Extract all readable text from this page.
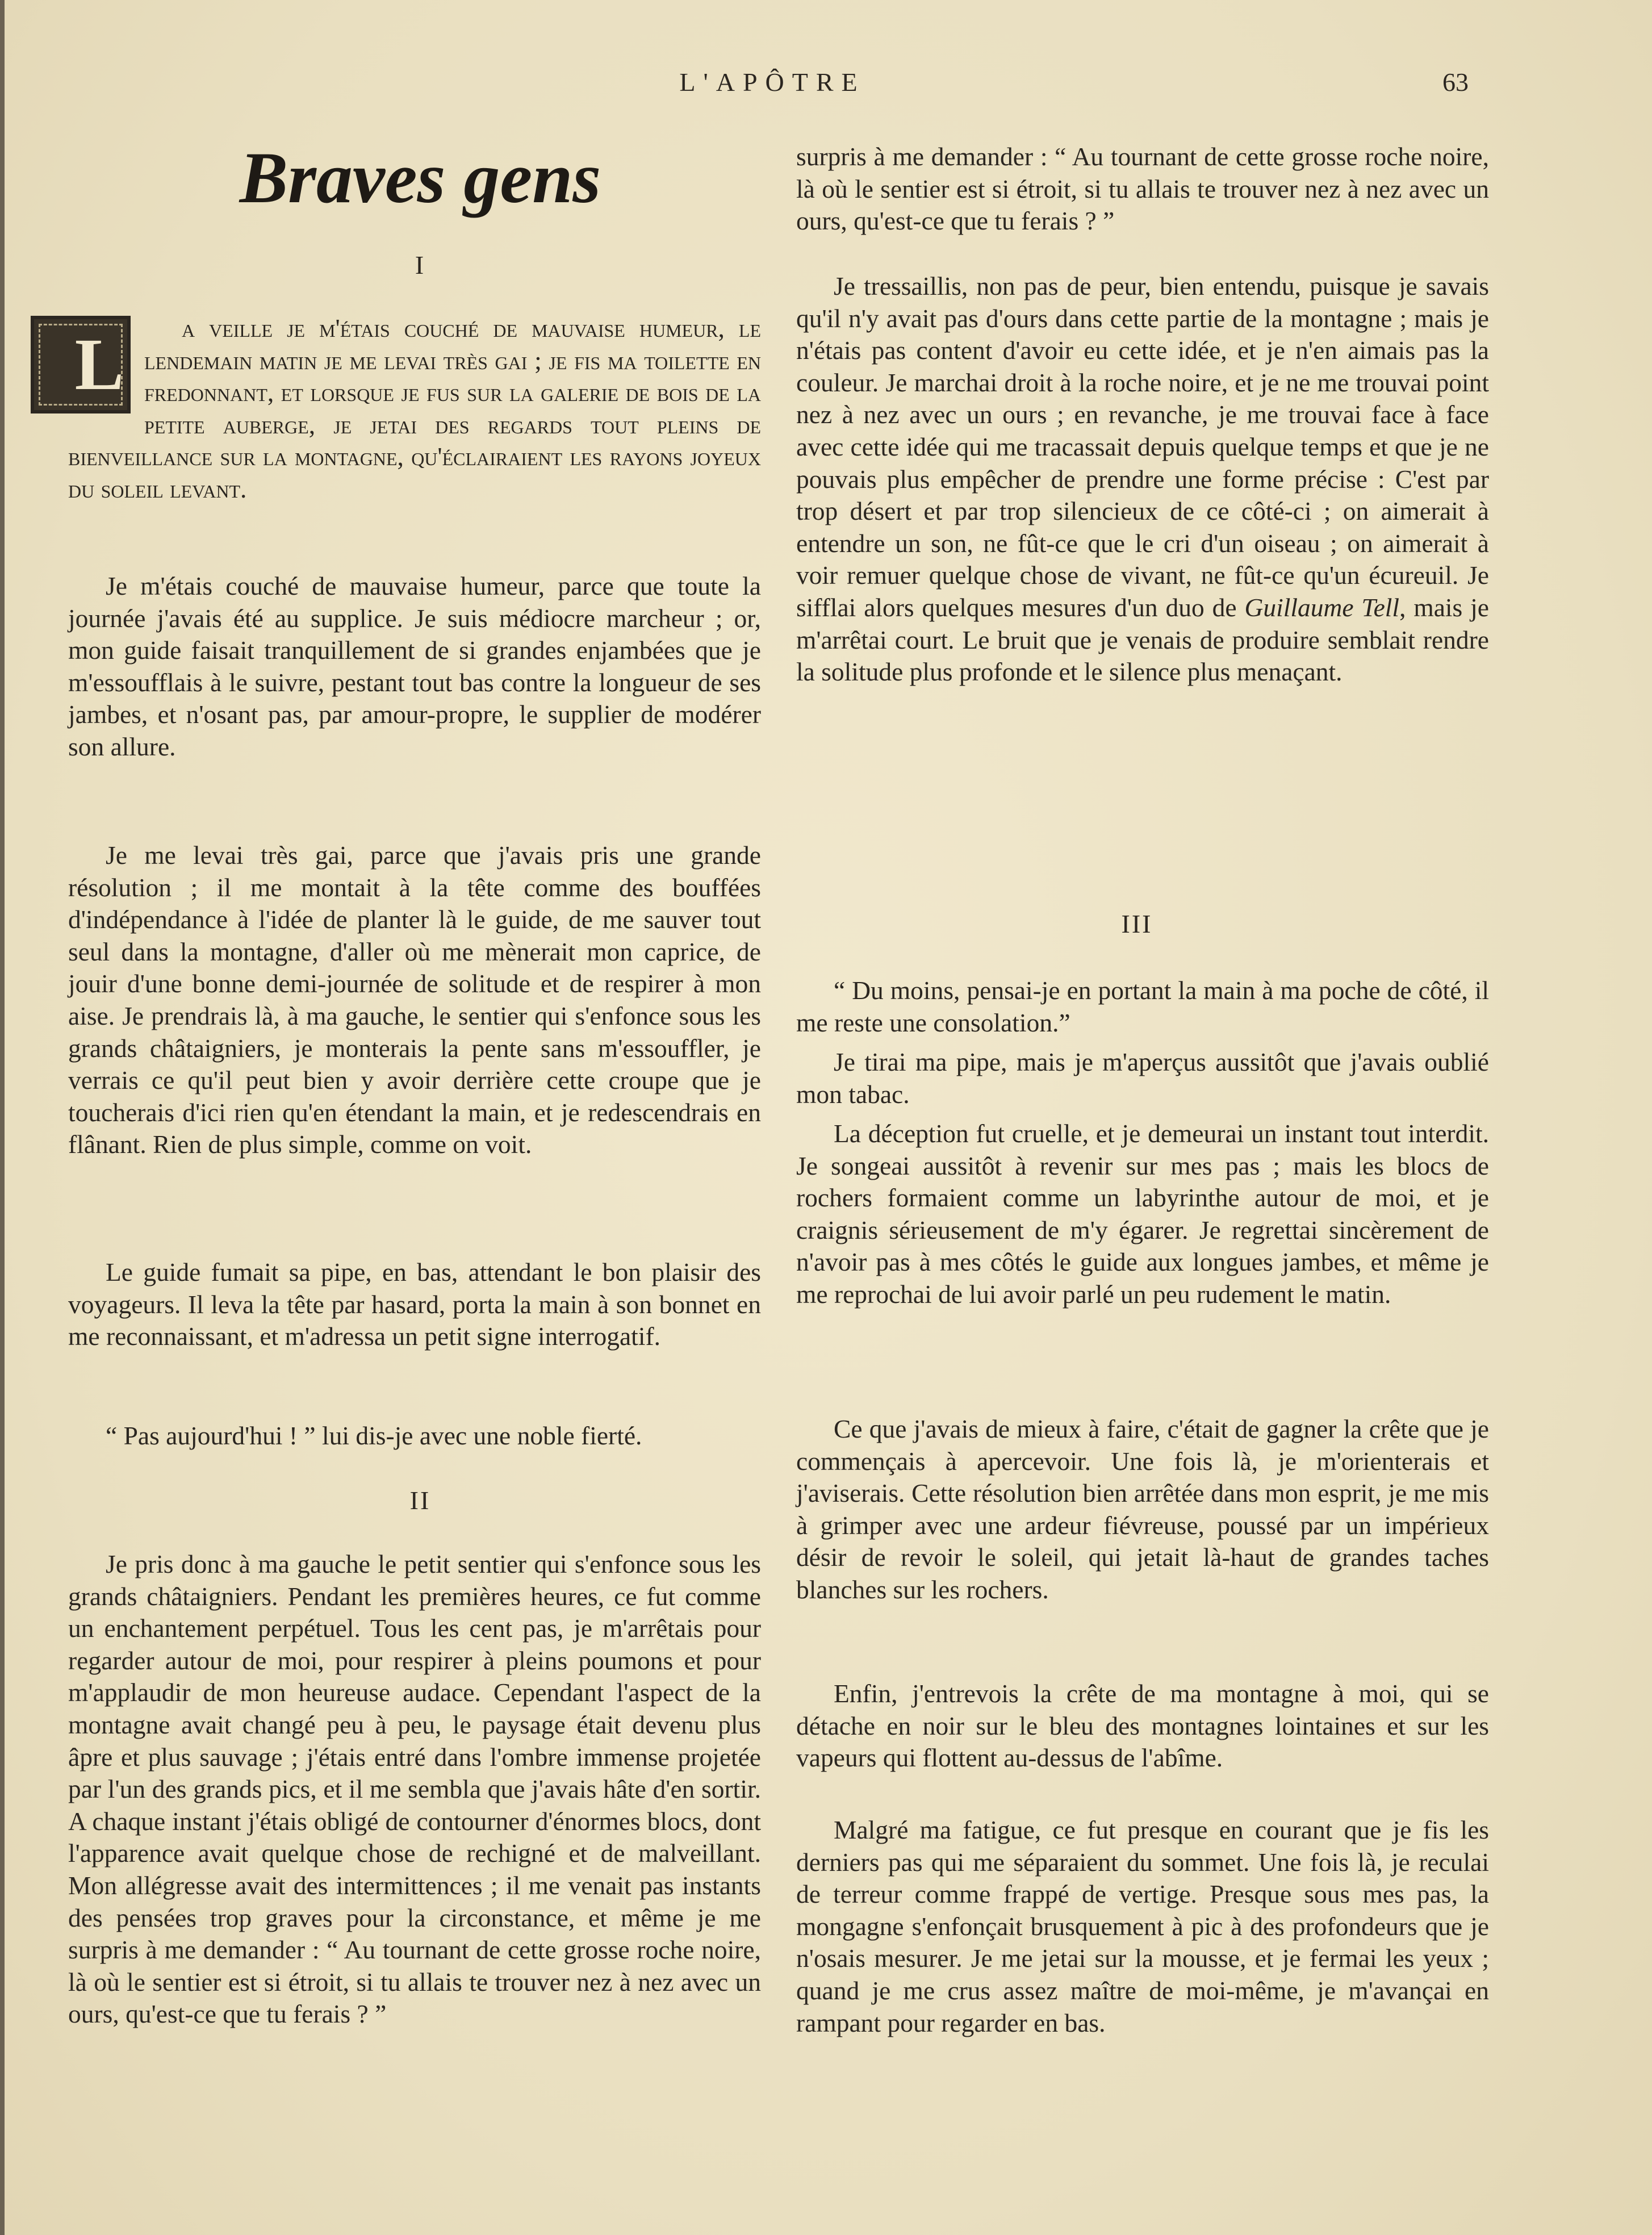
L'APÔTRE	63
Braves gens
I

L a veille je m'étais couché de mauvaise humeur, le lendemain matin je me levai très gai ; je fis ma toilette en fredonnant, et lorsque je fus sur la galerie de bois de la petite auberge, je jetai des regards tout pleins de bienveillance sur la montagne, qu'éclairaient les rayons joyeux du soleil levant.

Je m'étais couché de mauvaise humeur, parce que toute la journée j'avais été au supplice. Je suis médiocre marcheur ; or, mon guide faisait tranquillement de si grandes enjambées que je m'essoufflais à le suivre, pestant tout bas contre la longueur de ses jambes, et n'osant pas, par amour-propre, le supplier de modérer son allure.

Je me levai très gai, parce que j'avais pris une grande résolution ; il me montait à la tête comme des bouffées d'indépendance à l'idée de planter là le guide, de me sauver tout seul dans la montagne, d'aller où me mènerait mon caprice, de jouir d'une bonne demi-journée de solitude et de respirer à mon aise. Je prendrais là, à ma gauche, le sentier qui s'enfonce sous les grands châtaigniers, je monterais la pente sans m'essouffler, je verrais ce qu'il peut bien y avoir derrière cette croupe que je toucherais d'ici rien qu'en étendant la main, et je redescendrais en flânant. Rien de plus simple, comme on voit.

Le guide fumait sa pipe, en bas, attendant le bon plaisir des voyageurs. Il leva la tête par hasard, porta la main à son bonnet en me reconnaissant, et m'adressa un petit signe interrogatif.

“ Pas aujourd'hui ! ” lui dis-je avec une noble fierté.

II

Je pris donc à ma gauche le petit sentier qui s'enfonce sous les grands châtaigniers. Pendant les premières heures, ce fut comme un enchantement perpétuel. Tous les cent pas, je m'arrêtais pour regarder autour de moi, pour respirer à pleins poumons et pour m'applaudir de mon heureuse audace. Cependant l'aspect de la montagne avait changé peu à peu, le paysage était devenu plus âpre et plus sauvage ; j'étais entré dans l'ombre immense projetée par l'un des grands pics, et il me sembla que j'avais hâte d'en sortir. A chaque instant j'étais obligé de contourner d'énormes blocs, dont l'apparence avait quelque chose de rechigné et de malveillant. Mon allégresse avait des intermittences ; il me venait pas instants des pensées trop graves pour la circonstance, et même je me surpris à me demander : “ Au tournant de cette grosse roche noire, là où le sentier est si étroit, si tu allais te trouver nez à nez avec un ours, qu'est-ce que tu ferais ? ”

surpris à me demander : “ Au tournant de cette grosse roche noire, là où le sentier est si étroit, si tu allais te trouver nez à nez avec un ours, qu'est-ce que tu ferais ? ”

Je tressaillis, non pas de peur, bien entendu, puisque je savais qu'il n'y avait pas d'ours dans cette partie de la montagne ; mais je n'étais pas content d'avoir eu cette idée, et je n'en aimais pas la couleur. Je marchai droit à la roche noire, et je ne me trouvai point nez à nez avec un ours ; en revanche, je me trouvai face à face avec cette idée qui me tracassait depuis quelque temps et que je ne pouvais plus empêcher de prendre une forme précise : C'est par trop désert et par trop silencieux de ce côté-ci ; on aimerait à entendre un son, ne fût-ce que le cri d'un oiseau ; on aimerait à voir remuer quelque chose de vivant, ne fût-ce qu'un écureuil. Je sifflai alors quelques mesures d'un duo de Guillaume Tell, mais je m'arrêtai court. Le bruit que je venais de produire semblait rendre la solitude plus profonde et le silence plus menaçant.

III

“ Du moins, pensai-je en portant la main à ma poche de côté, il me reste une consolation.”

Je tirai ma pipe, mais je m'aperçus aussitôt que j'avais oublié mon tabac.

La déception fut cruelle, et je demeurai un instant tout interdit. Je songeai aussitôt à revenir sur mes pas ; mais les blocs de rochers formaient comme un labyrinthe autour de moi, et je craignis sérieusement de m'y égarer. Je regrettai sincèrement de n'avoir pas à mes côtés le guide aux longues jambes, et même je me reprochai de lui avoir parlé un peu rudement le matin.

Ce que j'avais de mieux à faire, c'était de gagner la crête que je commençais à apercevoir. Une fois là, je m'orienterais et j'aviserais. Cette résolution bien arrêtée dans mon esprit, je me mis à grimper avec une ardeur fiévreuse, poussé par un impérieux désir de revoir le soleil, qui jetait là-haut de grandes taches blanches sur les rochers.

Enfin, j'entrevois la crête de ma montagne à moi, qui se détache en noir sur le bleu des montagnes lointaines et sur les vapeurs qui flottent au-dessus de l'abîme.

Malgré ma fatigue, ce fut presque en courant que je fis les derniers pas qui me séparaient du sommet. Une fois là, je reculai de terreur comme frappé de vertige. Presque sous mes pas, la mongagne s'enfonçait brusquement à pic à des profondeurs que je n'osais mesurer. Je me jetai sur la mousse, et je fermai les yeux ; quand je me crus assez maître de moi-même, je m'avançai en rampant pour regarder en bas.
